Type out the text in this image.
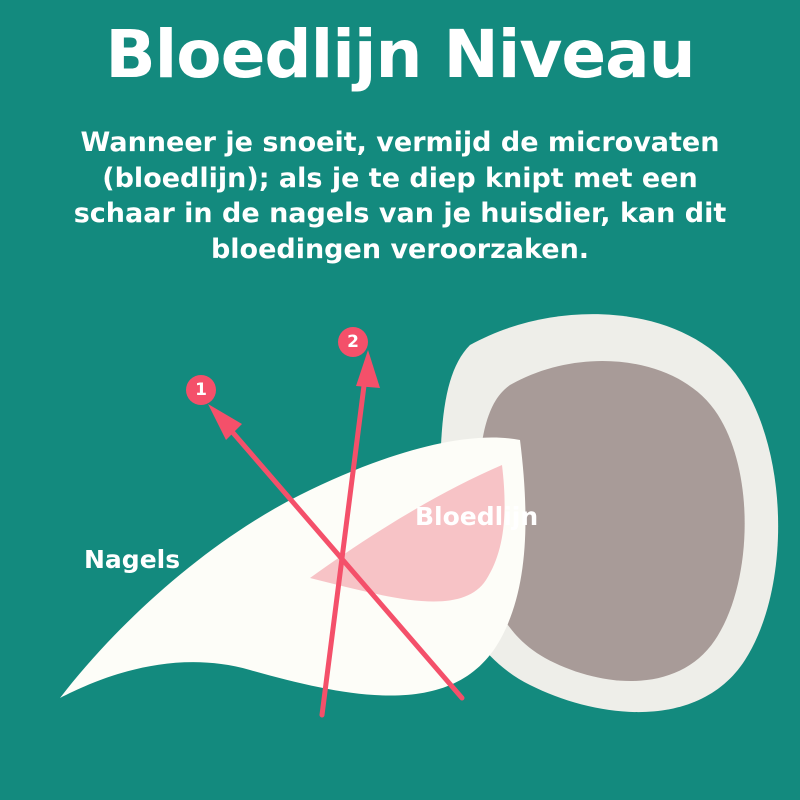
Bloedlijn Niveau
Wanneer je snoeit, vermijd de microvaten (bloedlijn); als je te diep knipt met een schaar in de nagels van je huisdier, kan dit bloedingen veroorzaken.
1
2
Nagels
Bloedlijn
